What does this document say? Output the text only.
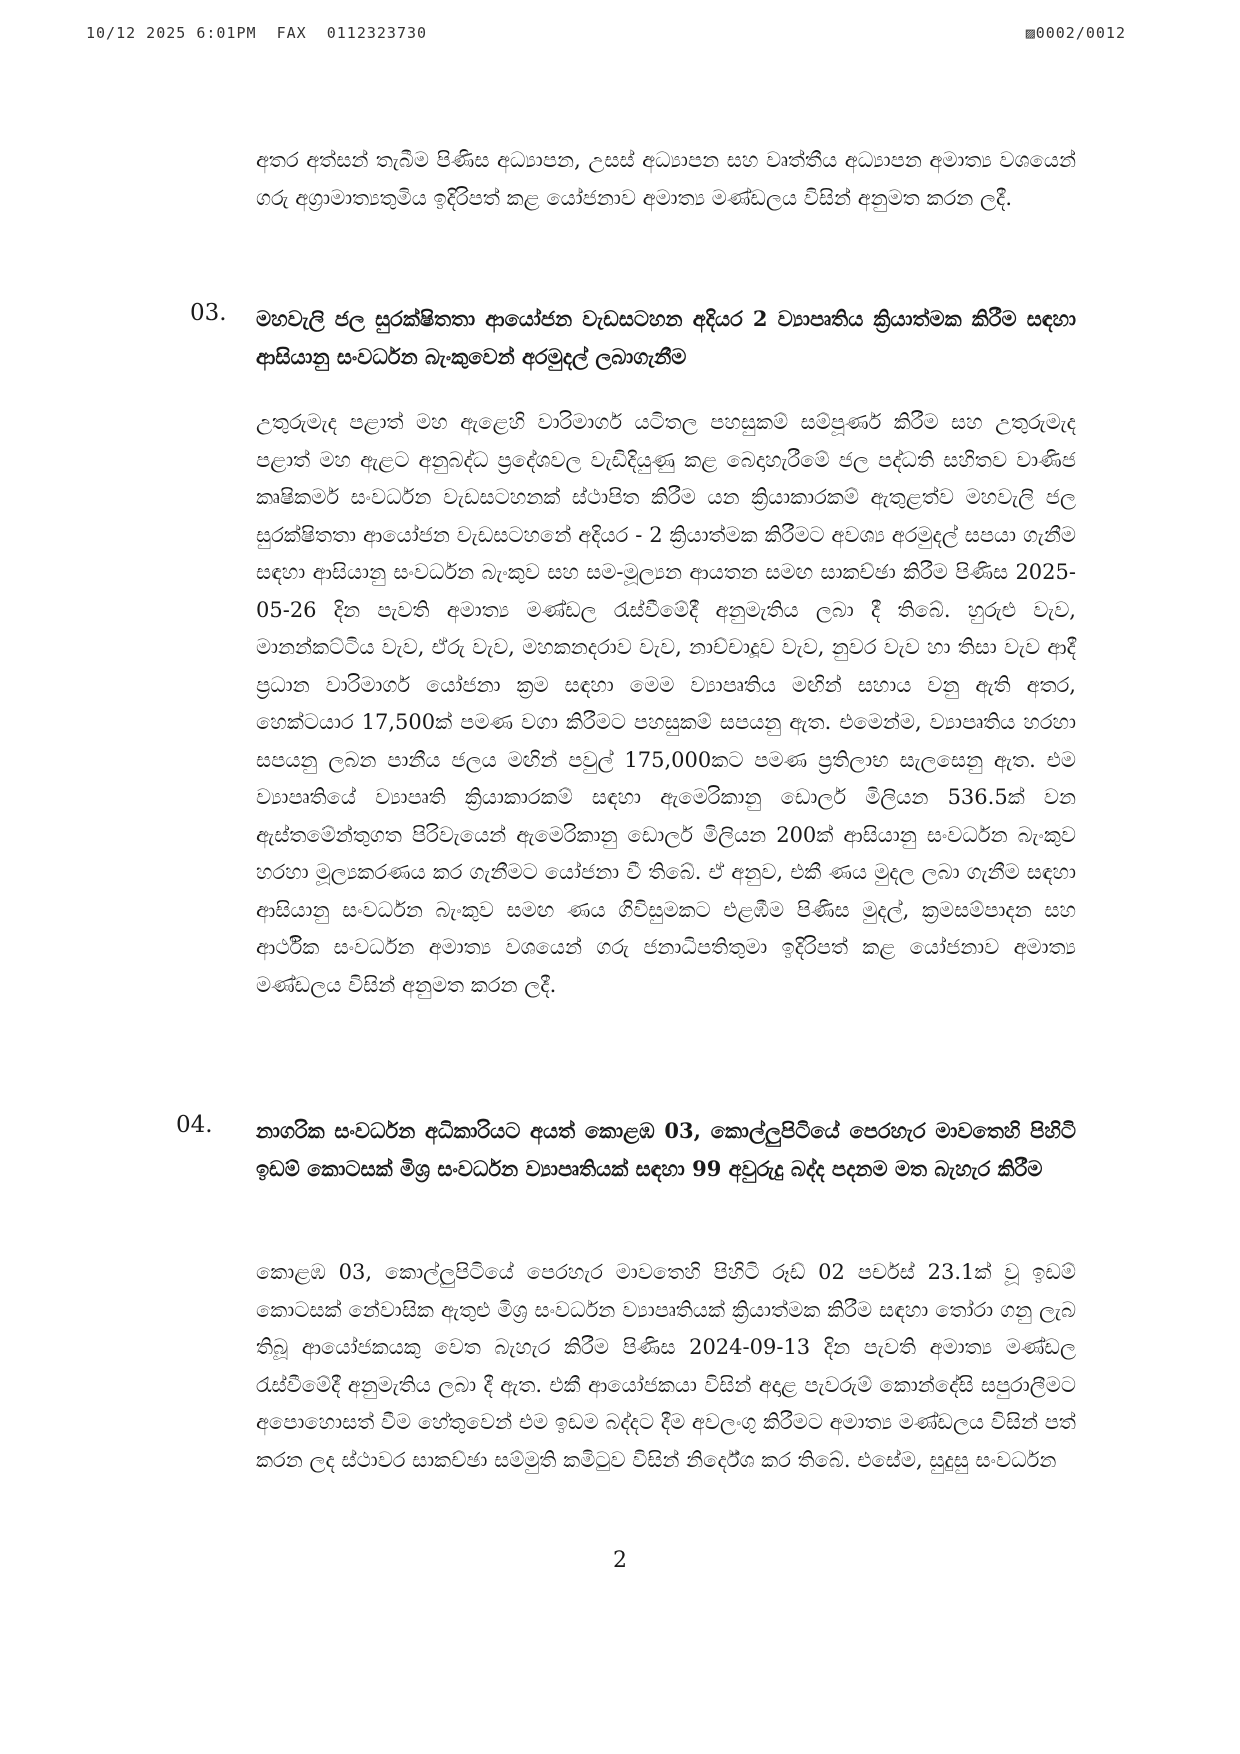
10/12 2025 6:01PM  FAX  0112323730	▨0002/0012
අතර අත්සන් තැබීම පිණිස අධ්‍යාපන, උසස් අධ්‍යාපන සහ වෘත්තීය අධ්‍යාපන අමාත්‍ය වශයෙන් ගරු අග්‍රාමාත්‍යතුමිය ඉදිරිපත් කළ යෝජනාව අමාත්‍ය මණ්ඩලය විසින් අනුමත කරන ලදී.
03. මහවැලි ජල සුරක්ෂිතතා ආයෝජන වැඩසටහන අදියර 2 ව්‍යාපෘතිය ක්‍රියාත්මක කිරීම සඳහා ආසියානු සංවර්ධන බැංකුවෙන් අරමුදල් ලබාගැනීම
උතුරුමැද පළාත් මහ ඇළෙහි වාරිමාර්ග යටිතල පහසුකම් සම්පූර්ණ කිරීම සහ උතුරුමැද පළාත් මහ ඇළට අනුබද්ධ ප්‍රදේශවල වැඩිදියුණු කළ බෙදාහැරීමේ ජල පද්ධති සහිතව වාණිජ කෘෂිකර්ම සංවර්ධන වැඩසටහනක් ස්ථාපිත කිරීම යන ක්‍රියාකාරකම් ඇතුළත්ව මහවැලි ජල සුරක්ෂිතතා ආයෝජන වැඩසටහනේ අදියර - 2 ක්‍රියාත්මක කිරීමට අවශ්‍ය අරමුදල් සපයා ගැනීම සඳහා ආසියානු සංවර්ධන බැංකුව සහ සම-මූල්‍යන ආයතන සමඟ සාකච්ඡා කිරීම පිණිස 2025-05-26 දින පැවති අමාත්‍ය මණ්ඩල රැස්වීමේදී අනුමැතිය ලබා දී තිබේ. හුරුළු වැව, මානන්කට්ටිය වැව, ඒරු වැව, මහකනදරාව වැව, නාච්චාදූව වැව, නුවර වැව හා තිසා වැව ආදී ප්‍රධාන වාරිමාර්ග යෝජනා ක්‍රම සඳහා මෙම ව්‍යාපෘතිය මඟින් සහාය වනු ඇති අතර, හෙක්ටයාර 17,500ක් පමණ වගා කිරීමට පහසුකම් සපයනු ඇත. එමෙන්ම, ව්‍යාපෘතිය හරහා සපයනු ලබන පානීය ජලය මඟින් පවුල් 175,000කට පමණ ප්‍රතිලාභ සැලසෙනු ඇත. එම ව්‍යාපෘතියේ ව්‍යාපෘති ක්‍රියාකාරකම් සඳහා ඇමෙරිකානු ඩොලර් මිලියන 536.5ක් වන ඇස්තමේන්තුගත පිරිවැයෙන් ඇමෙරිකානු ඩොලර් මිලියන 200ක් ආසියානු සංවර්ධන බැංකුව හරහා මූල්‍යකරණය කර ගැනීමට යෝජනා වී තිබේ. ඒ අනුව, එකී ණය මුදල ලබා ගැනීම සඳහා ආසියානු සංවර්ධන බැංකුව සමඟ ණය ගිවිසුමකට එළඹීම පිණිස මුදල්, ක්‍රමසම්පාදන සහ ආර්ථික සංවර්ධන අමාත්‍ය වශයෙන් ගරු ජනාධිපතිතුමා ඉදිරිපත් කළ යෝජනාව අමාත්‍ය මණ්ඩලය විසින් අනුමත කරන ලදී.
04. නාගරික සංවර්ධන අධිකාරියට අයත් කොළඹ 03, කොල්ලුපිටියේ පෙරහැර මාවතෙහි පිහිටි ඉඩම් කොටසක් මිශ්‍ර සංවර්ධන ව්‍යාපෘතියක් සඳහා 99 අවුරුදු බද්ද පදනම මත බැහැර කිරීම
කොළඹ 03, කොල්ලුපිටියේ පෙරහැර මාවතෙහි පිහිටි රූඩ් 02 පර්චස් 23.1ක් වූ ඉඩම් කොටසක් නේවාසික ඇතුළු මිශ්‍ර සංවර්ධන ව්‍යාපෘතියක් ක්‍රියාත්මක කිරීම සඳහා තෝරා ගනු ලැබ තිබූ ආයෝජකයකු වෙත බැහැර කිරීම පිණිස 2024-09-13 දින පැවති අමාත්‍ය මණ්ඩල රැස්වීමේදී අනුමැතිය ලබා දී ඇත. එකී ආයෝජකයා විසින් අදාළ පැවරුම් කොන්දේසි සපුරාලීමට අපොහොසත් වීම හේතුවෙන් එම ඉඩම බද්දට දීම අවලංගු කිරීමට අමාත්‍ය මණ්ඩලය විසින් පත් කරන ලද ස්ථාවර සාකච්ඡා සම්මුති කමිටුව විසින් නිර්දේශ කර තිබේ. එසේම, සුදුසු සංවර්ධන
2
